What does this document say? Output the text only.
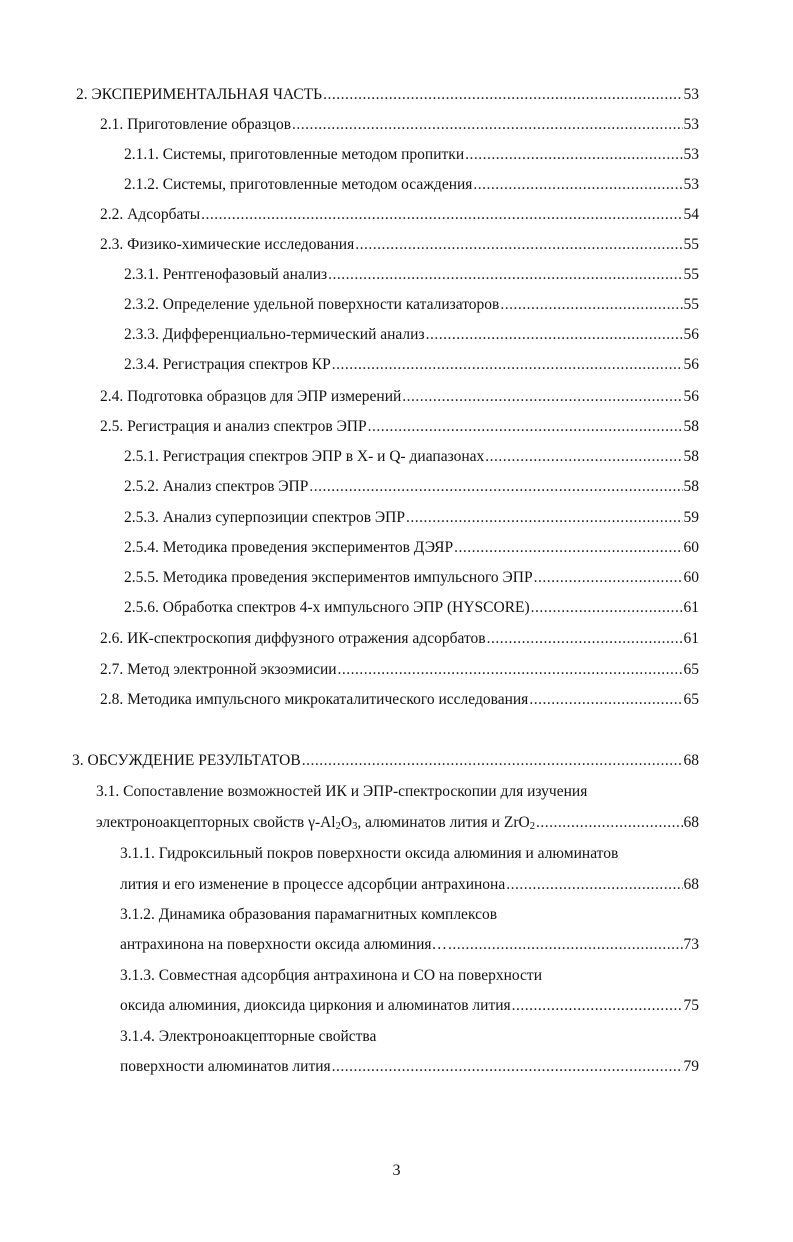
2. ЭКСПЕРИМЕНТАЛЬНАЯ ЧАСТЬ .....	53
2.1. Приготовление образцов .....	53
2.1.1. Системы, приготовленные методом пропитки .....	53
2.1.2. Системы, приготовленные методом осаждения .....	53
2.2. Адсорбаты .....	54
2.3. Физико-химические исследования .....	55
2.3.1. Рентгенофазовый анализ .....	55
2.3.2. Определение удельной поверхности катализаторов .....	55
2.3.3. Дифференциально-термический анализ .....	56
2.3.4. Регистрация спектров КР .....	56
2.4. Подготовка образцов для ЭПР измерений .....	56
2.5. Регистрация и анализ спектров ЭПР .....	58
2.5.1. Регистрация спектров ЭПР в X- и Q- диапазонах .....	58
2.5.2. Анализ спектров ЭПР .....	58
2.5.3. Анализ суперпозиции спектров ЭПР .....	59
2.5.4. Методика проведения экспериментов ДЭЯР .....	60
2.5.5. Методика проведения экспериментов импульсного ЭПР .....	60
2.5.6. Обработка спектров 4-х импульсного ЭПР (HYSCORE) .....	61
2.6. ИК-спектроскопия диффузного отражения адсорбатов .....	61
2.7. Метод электронной экзоэмисии .....	65
2.8. Методика импульсного микрокаталитического исследования .....	65
3. ОБСУЖДЕНИЕ РЕЗУЛЬТАТОВ .....	68
3.1. Сопоставление возможностей ИК и ЭПР-спектроскопии для изучения
электроноакцепторных свойств γ-Al2O3, алюминатов лития и ZrO2 .....	68
3.1.1. Гидроксильный покров поверхности оксида алюминия и алюминатов
лития и его изменение в процессе адсорбции антрахинона .....	68
3.1.2. Динамика образования парамагнитных комплексов
антрахинона на поверхности оксида алюминия… .....	73
3.1.3. Совместная адсорбция антрахинона и СО на поверхности
оксида алюминия, диоксида циркония и алюминатов лития .....	75
3.1.4. Электроноакцепторные свойства
поверхности алюминатов лития .....	79
3
